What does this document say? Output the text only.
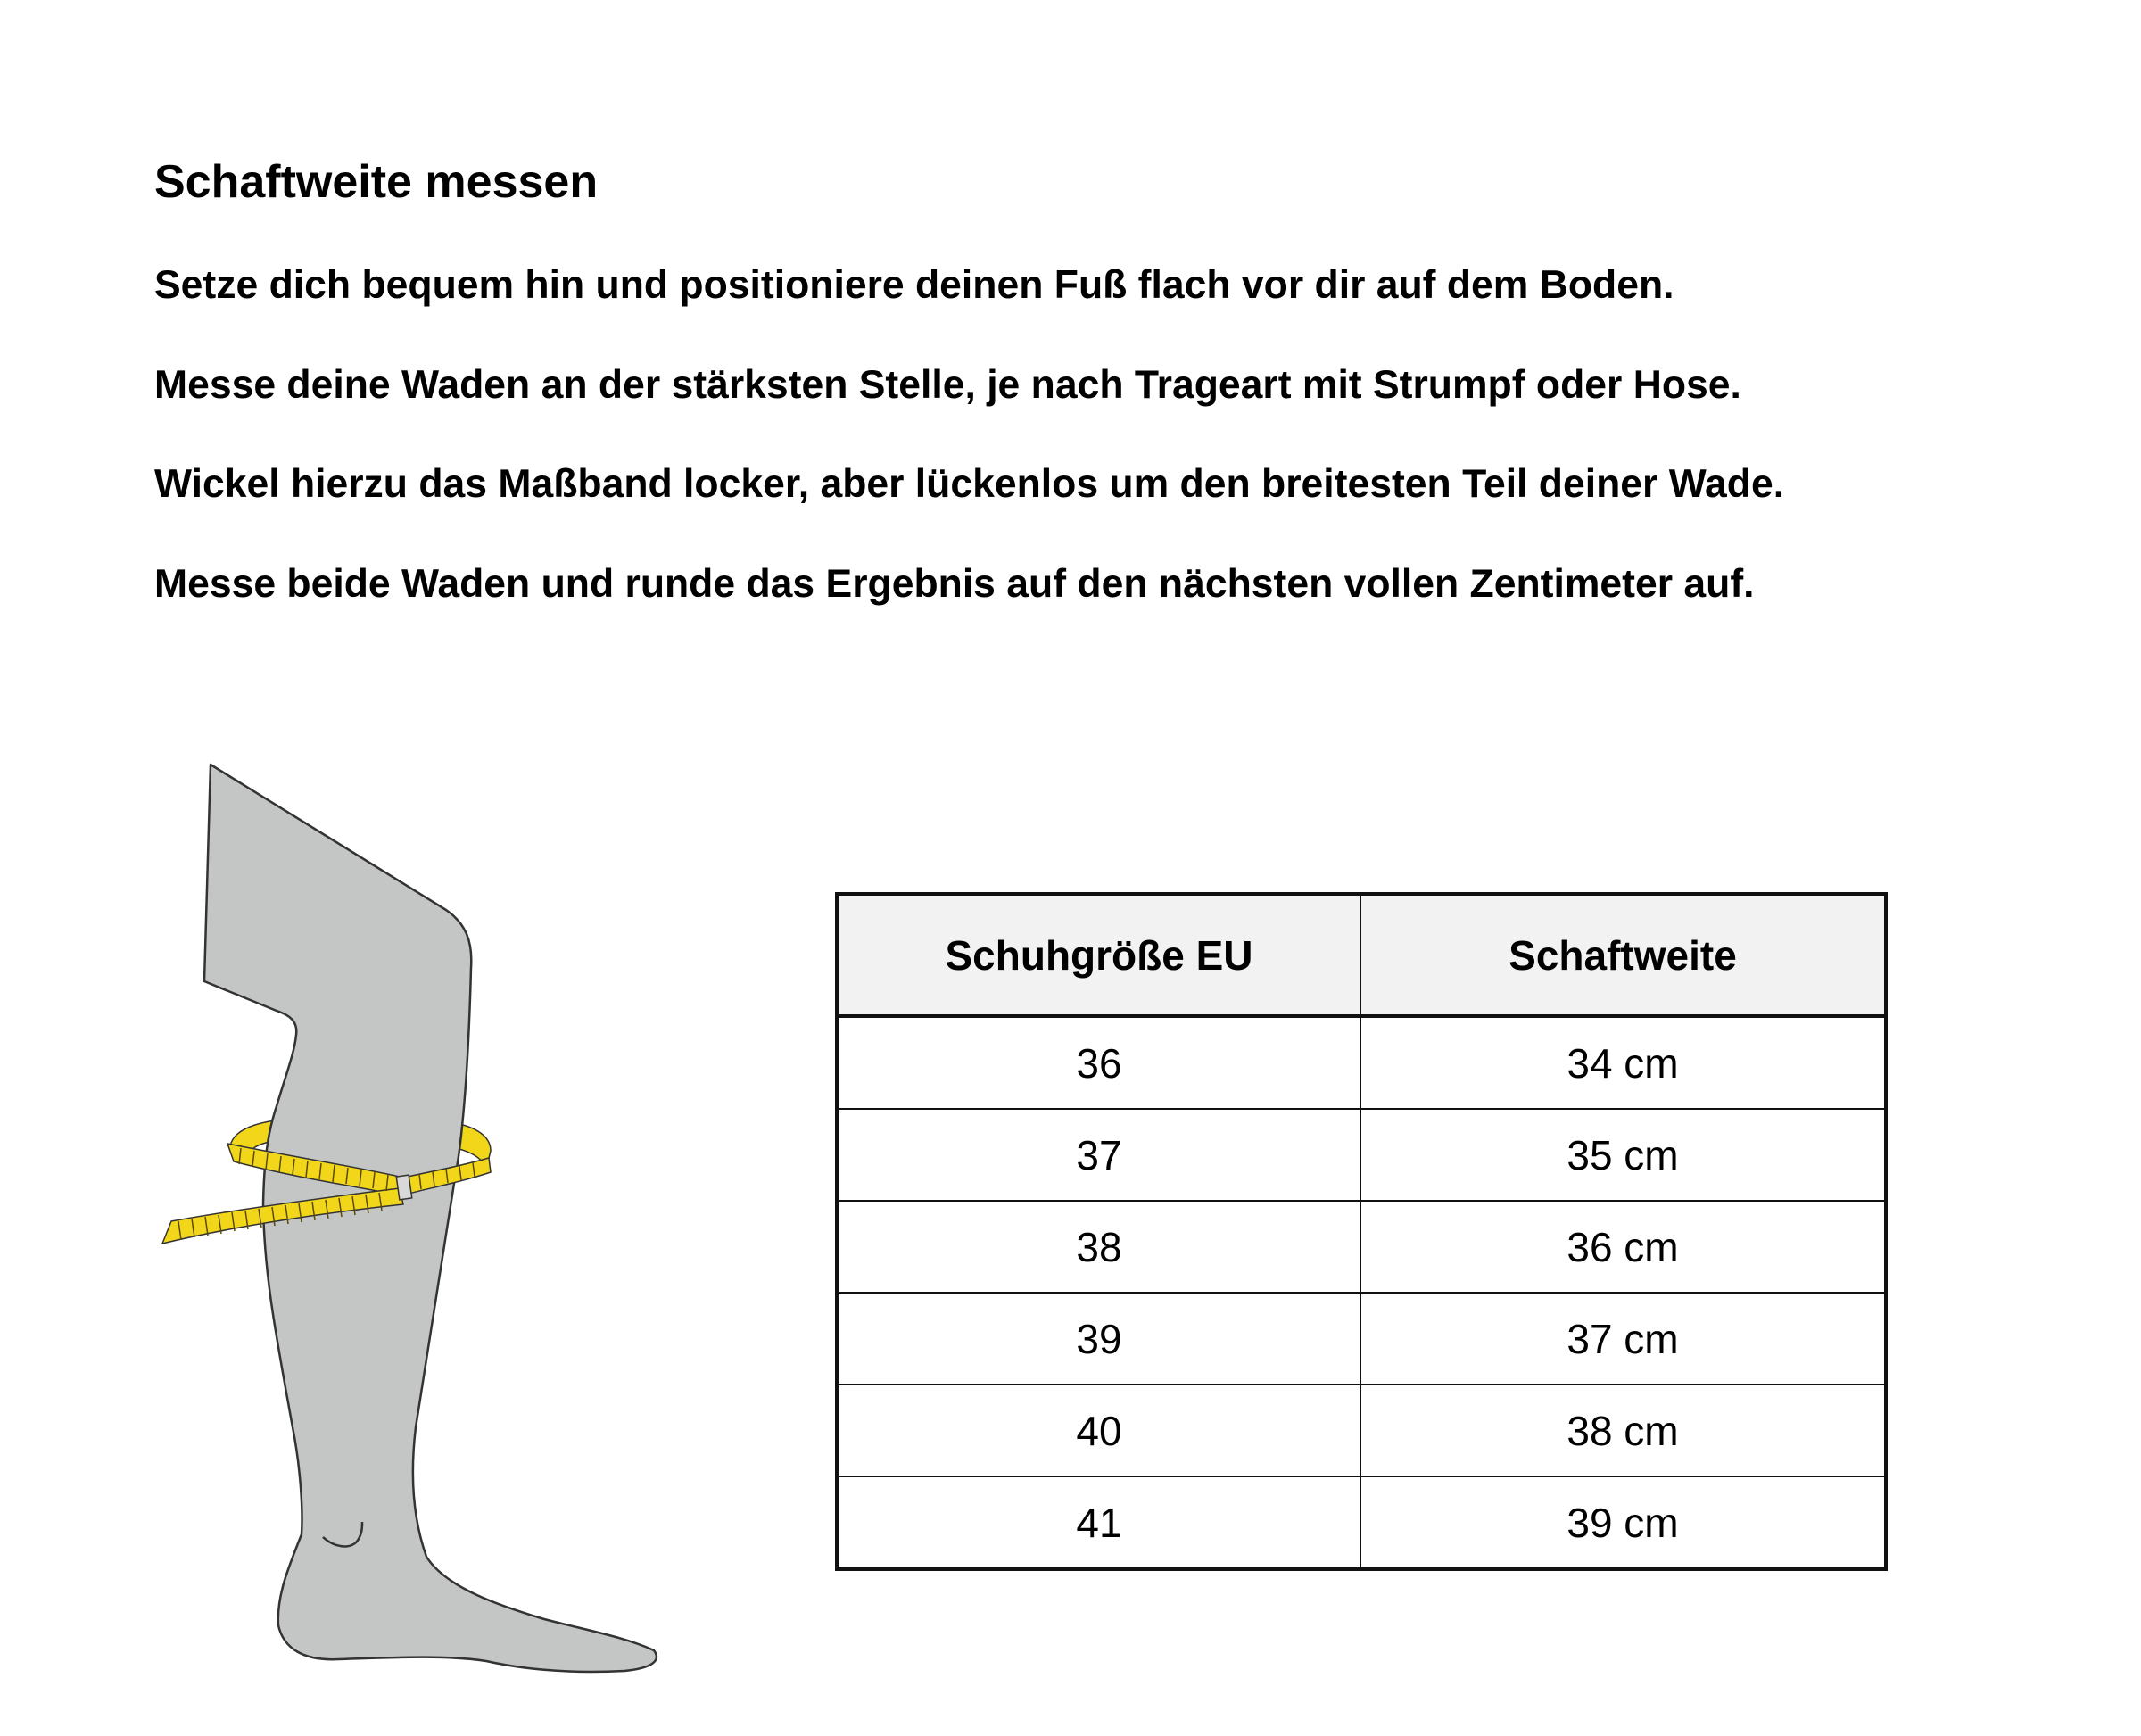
Schaftweite messen
Setze dich bequem hin und positioniere deinen Fuß flach vor dir auf dem Boden.
Messe deine Waden an der stärksten Stelle, je nach Trageart mit Strumpf oder Hose.
Wickel hierzu das Maßband locker, aber lückenlos um den breitesten Teil deiner Wade.
Messe beide Waden und runde das Ergebnis auf den nächsten vollen Zentimeter auf.
Schuhgröße EU	Schaftweite
36	34 cm
37	35 cm
38	36 cm
39	37 cm
40	38 cm
41	39 cm
